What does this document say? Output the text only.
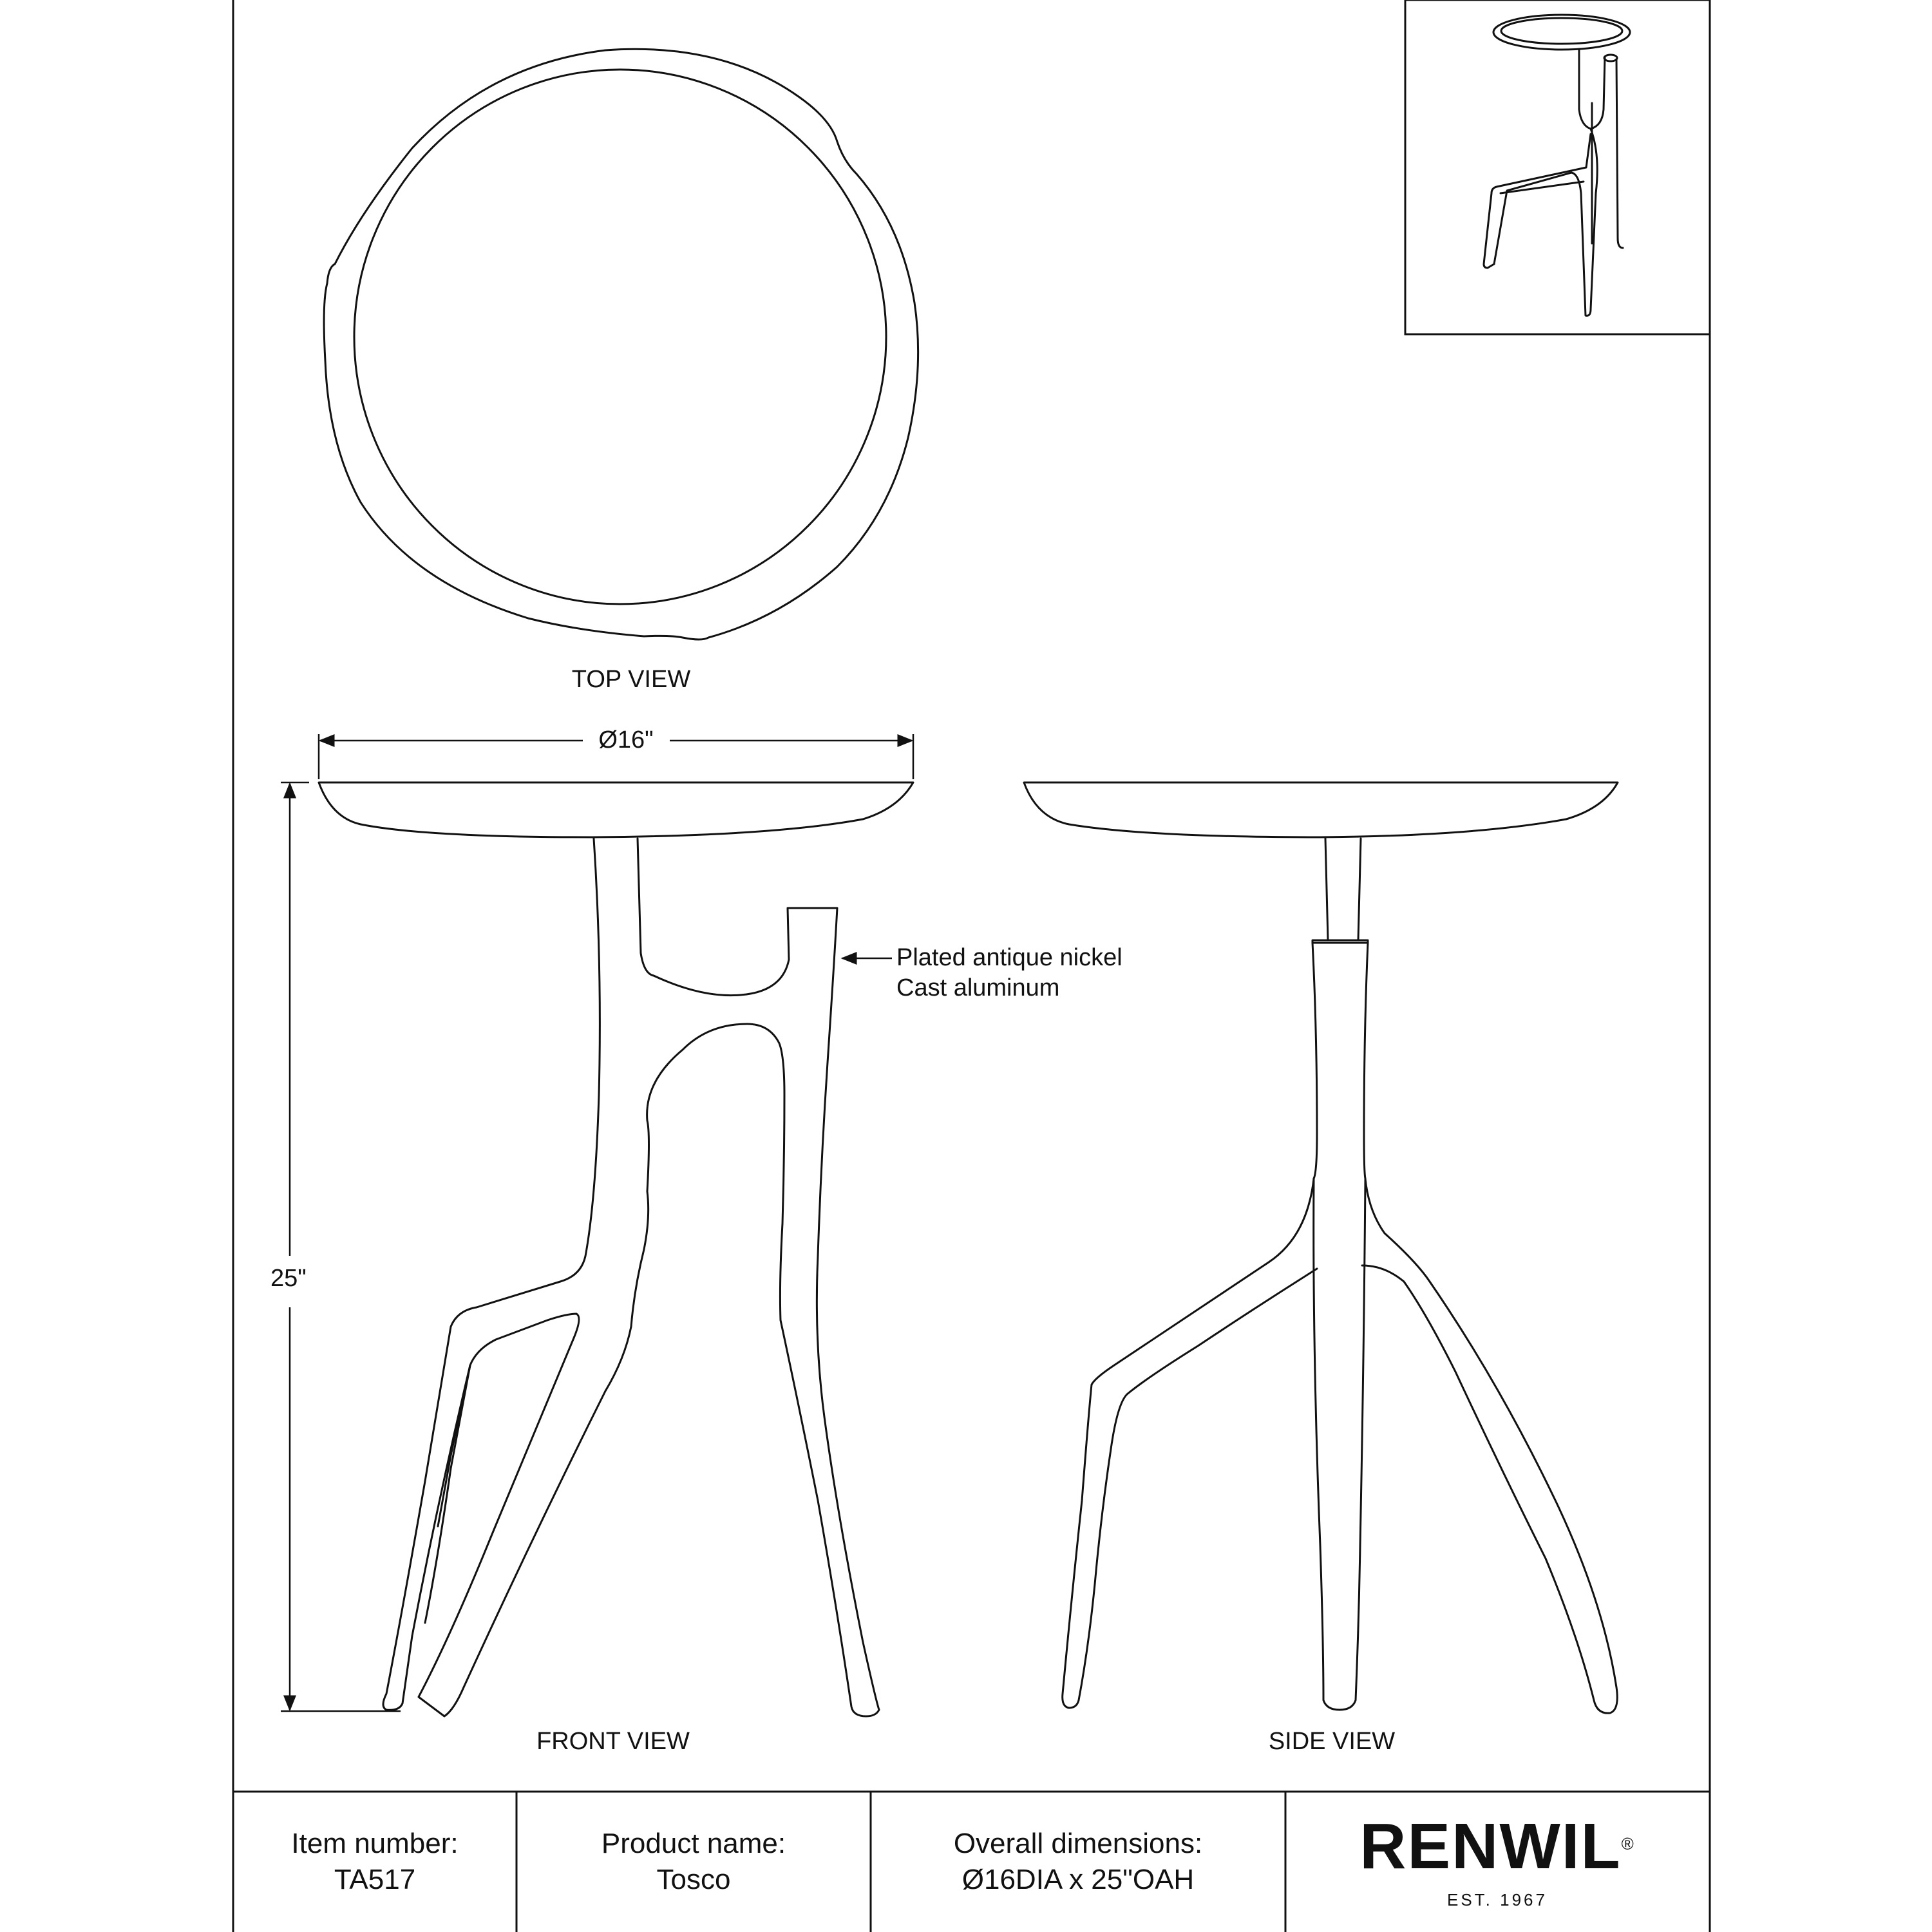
TOP VIEW
FRONT VIEW	SIDE VIEW
Ø16"
25"
Plated antique nickel
Cast aluminum
Item number:
TA517
Product name:
Tosco
Overall dimensions:
Ø16DIA x 25"OAH	RENWIL®
EST. 1967
